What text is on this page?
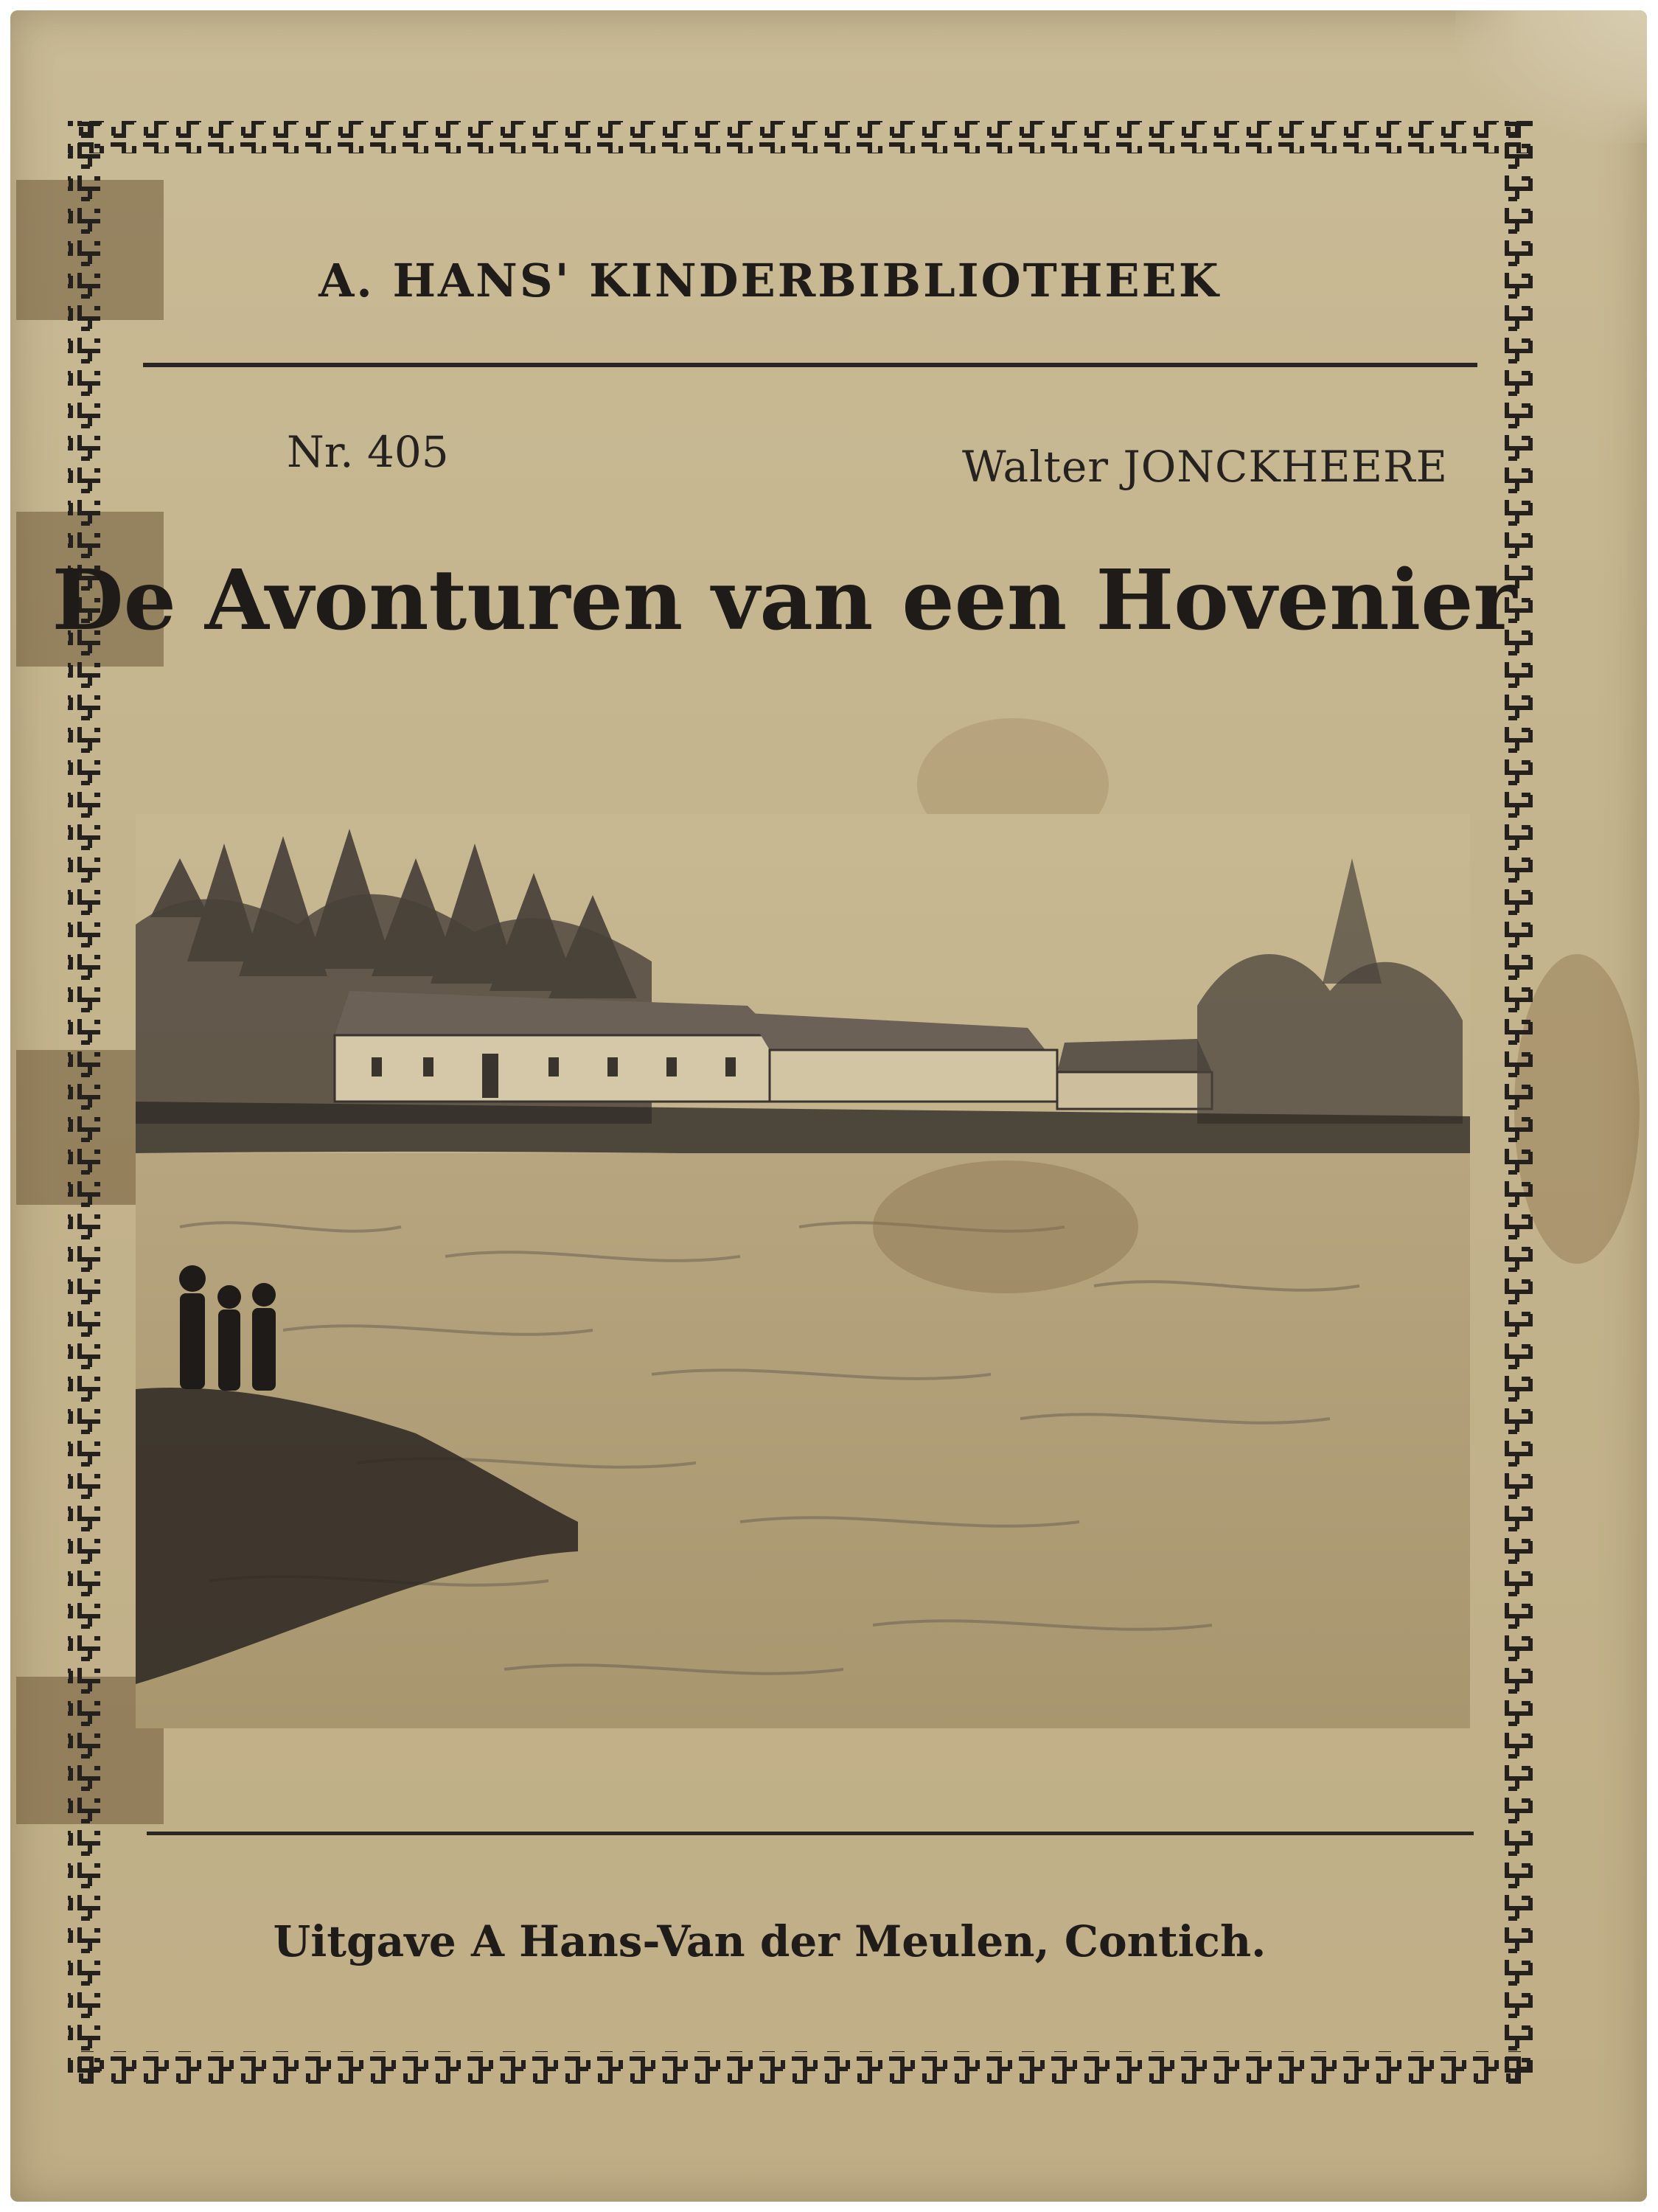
A. HANS' KINDERBIBLIOTHEEK
Nr. 405	Walter JONCKHEERE
De Avonturen van een Hovenier
Uitgave A Hans-Van der Meulen, Contich.
